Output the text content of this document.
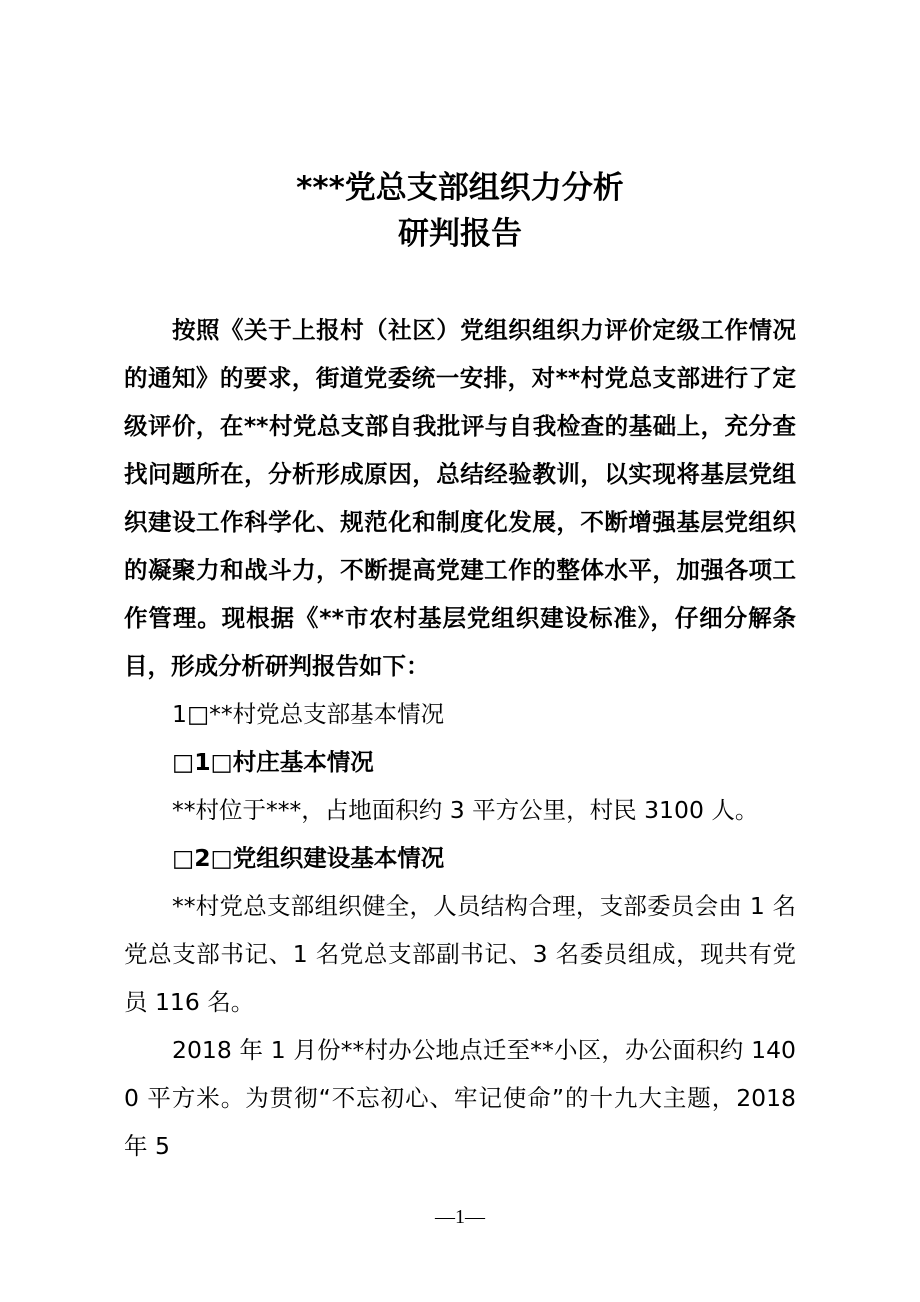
***党总支部组织力分析
研判报告

按照《关于上报村（社区）党组织组织力评价定级工作情况的通知》的要求，街道党委统一安排，对**村党总支部进行了定级评价，在**村党总支部自我批评与自我检查的基础上，充分查找问题所在，分析形成原因，总结经验教训，以实现将基层党组织建设工作科学化、规范化和制度化发展，不断增强基层党组织的凝聚力和战斗力，不断提高党建工作的整体水平，加强各项工作管理。现根据《**市农村基层党组织建设标准》，仔细分解条目，形成分析研判报告如下：

1□**村党总支部基本情况

□1□村庄基本情况

**村位于***，占地面积约 3 平方公里，村民 3100 人。

□2□党组织建设基本情况

**村党总支部组织健全，人员结构合理，支部委员会由 1 名党总支部书记、1 名党总支部副书记、3 名委员组成，现共有党员 116 名。

2018 年 1 月份**村办公地点迁至**小区，办公面积约 1400 平方米。为贯彻“不忘初心、牢记使命”的十九大主题，2018 年 5

—1—
